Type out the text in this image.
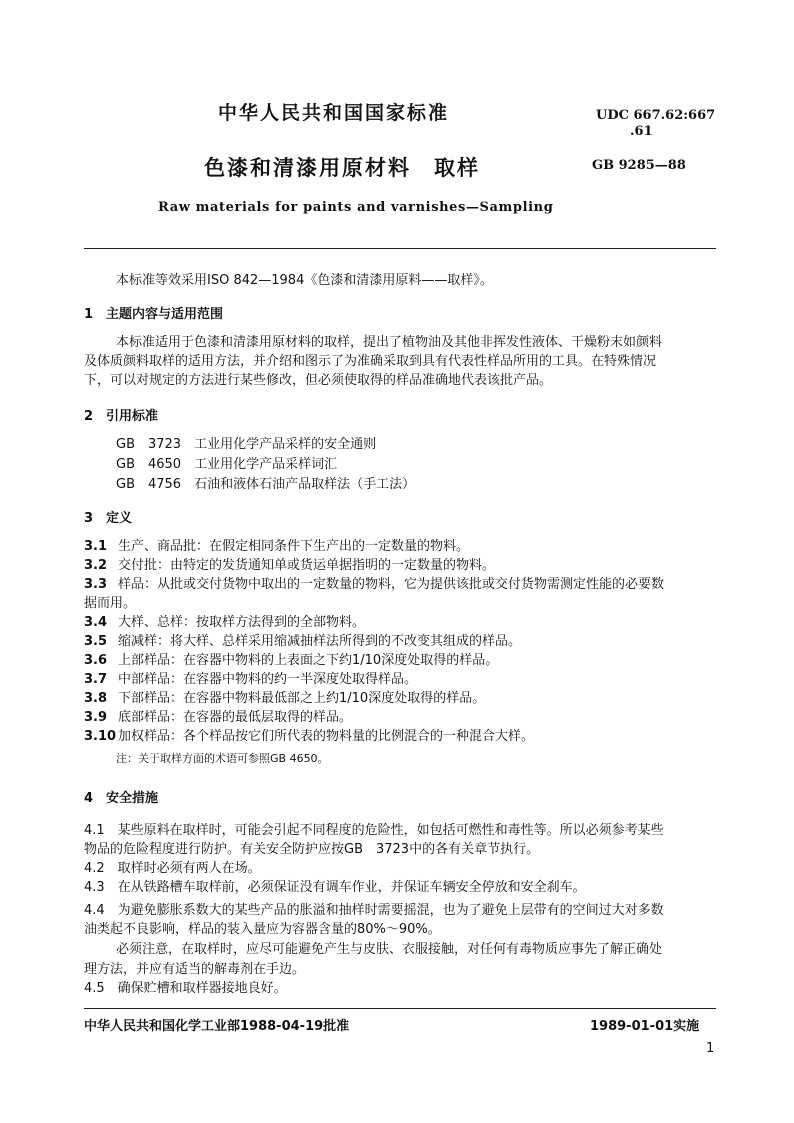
中华人民共和国国家标准	UDC 667.62:667
.61
色漆和清漆用原材料　取样	GB 9285—88
Raw materials for paints and varnishes—Sampling
本标准等效采用ISO 842—1984《色漆和清漆用原料——取样》。
1　主题内容与适用范围
本标准适用于色漆和清漆用原材料的取样，提出了植物油及其他非挥发性液体、干燥粉末如颜料
及体质颜料取样的适用方法，并介绍和图示了为准确采取到具有代表性样品所用的工具。在特殊情况
下，可以对规定的方法进行某些修改，但必须使取得的样品准确地代表该批产品。
2　引用标准
GB　3723　工业用化学产品采样的安全通则
GB　4650　工业用化学产品采样词汇
GB　4756　石油和液体石油产品取样法（手工法）
3　定义
3.1 生产、商品批：在假定相同条件下生产出的一定数量的物料。
3.2 交付批：由特定的发货通知单或货运单据指明的一定数量的物料。
3.3 样品：从批或交付货物中取出的一定数量的物料，它为提供该批或交付货物需测定性能的必要数
据而用。
3.4 大样、总样：按取样方法得到的全部物料。
3.5 缩减样：将大样、总样采用缩减抽样法所得到的不改变其组成的样品。
3.6 上部样品：在容器中物料的上表面之下约1/10深度处取得的样品。
3.7 中部样品：在容器中物料的约一半深度处取得样品。
3.8 下部样品：在容器中物料最低部之上约1/10深度处取得的样品。
3.9 底部样品：在容器的最低层取得的样品。
3.10 加权样品：各个样品按它们所代表的物料量的比例混合的一种混合大样。
注：关于取样方面的术语可参照GB 4650。
4　安全措施
4.1　某些原料在取样时，可能会引起不同程度的危险性，如包括可燃性和毒性等。所以必须参考某些
物品的危险程度进行防护。有关安全防护应按GB　3723中的各有关章节执行。
4.2　取样时必须有两人在场。
4.3　在从铁路槽车取样前，必须保证没有调车作业，并保证车辆安全停放和安全刹车。
4.4　为避免膨胀系数大的某些产品的胀溢和抽样时需要摇混，也为了避免上层带有的空间过大对多数
油类起不良影响，样品的装入量应为容器含量的80%～90%。
必须注意，在取样时，应尽可能避免产生与皮肤、衣服接触，对任何有毒物质应事先了解正确处
理方法，并应有适当的解毒剂在手边。
4.5　确保贮槽和取样器接地良好。
中华人民共和国化学工业部1988-04-19批准	1989-01-01实施
1
